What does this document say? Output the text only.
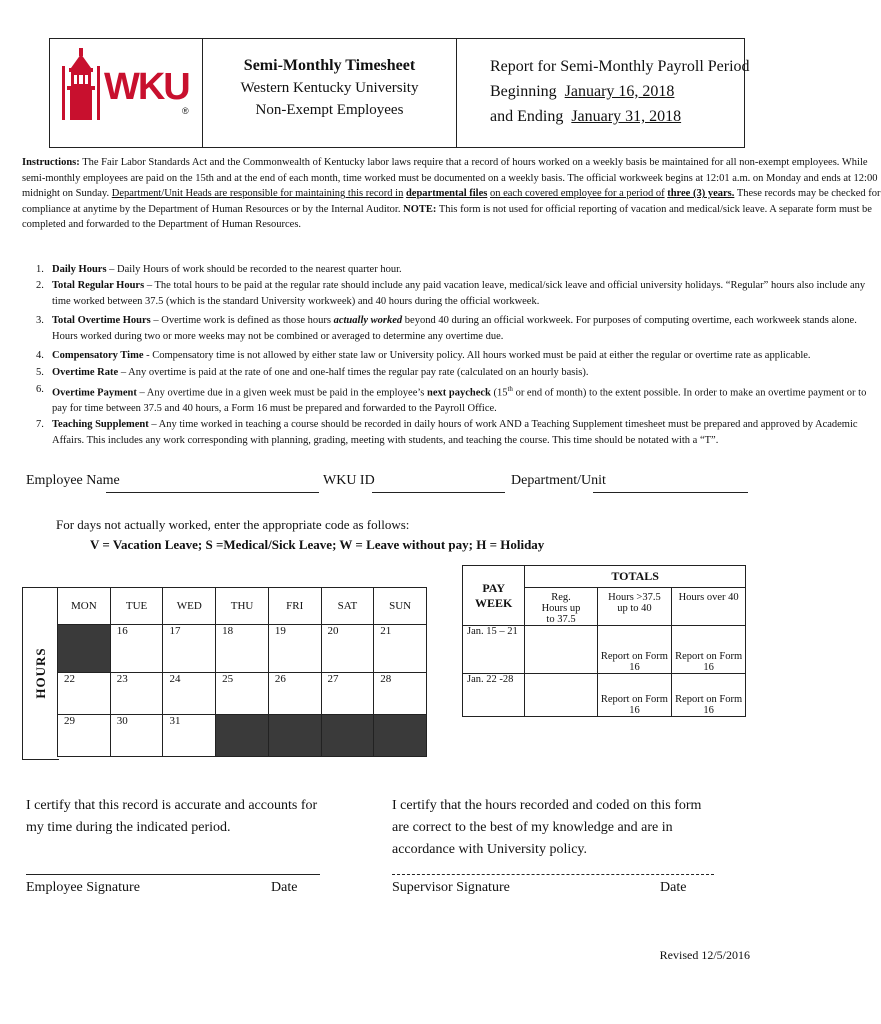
WKU
®
Semi-Monthly Timesheet
Western Kentucky University
Non-Exempt Employees
Report for Semi-Monthly Payroll Period
Beginning January 16, 2018
and Ending January 31, 2018
Instructions: The Fair Labor Standards Act and the Commonwealth of Kentucky labor laws require that a record of hours worked on a weekly basis be maintained for all non-exempt employees. While
semi-monthly employees are paid on the 15th and at the end of each month, time worked must be documented on a weekly basis. The official workweek begins at 12:01 a.m. on Monday and ends at 12:00
midnight on Sunday. Department/Unit Heads are responsible for maintaining this record in departmental files on each covered employee for a period of three (3) years. These records may be checked for
compliance at anytime by the Department of Human Resources or by the Internal Auditor. NOTE: This form is not used for official reporting of vacation and medical/sick leave. A separate form must be
completed and forwarded to the Department of Human Resources.
1. Daily Hours – Daily Hours of work should be recorded to the nearest quarter hour.
2. Total Regular Hours – The total hours to be paid at the regular rate should include any paid vacation leave, medical/sick leave and official university holidays. “Regular” hours also include any
time worked between 37.5 (which is the standard University workweek) and 40 hours during the official workweek.
3. Total Overtime Hours – Overtime work is defined as those hours actually worked beyond 40 during an official workweek. For purposes of computing overtime, each workweek stands alone.
Hours worked during two or more weeks may not be combined or averaged to determine any overtime due.
4. Compensatory Time - Compensatory time is not allowed by either state law or University policy. All hours worked must be paid at either the regular or overtime rate as applicable.
5. Overtime Rate – Any overtime is paid at the rate of one and one-half times the regular pay rate (calculated on an hourly basis).
6. Overtime Payment – Any overtime due in a given week must be paid in the employee’s next paycheck (15th or end of month) to the extent possible. In order to make an overtime payment or to
pay for time between 37.5 and 40 hours, a Form 16 must be prepared and forwarded to the Payroll Office.
7. Teaching Supplement – Any time worked in teaching a course should be recorded in daily hours of work AND a Teaching Supplement timesheet must be prepared and approved by Academic
Affairs. This includes any work corresponding with planning, grading, meeting with students, and teaching the course. This time should be notated with a “T”.
Employee Name	WKU ID	Department/Unit
For days not actually worked, enter the appropriate code as follows:
V = Vacation Leave; S =Medical/Sick Leave; W = Leave without pay; H = Holiday
HOURS
MON	TUE	WED	THU	FRI	SAT	SUN
	16	17	18	19	20	21
22	23	24	25	26	27	28
29	30	31				
PAY WEEK	TOTALS		

	Reg. Hours up to 37.5	Hours >37.5 up to 40	Hours over 40

Jan. 15 – 21		Report on Form 16	Report on Form 16
Jan. 22 -28		Report on Form 16	Report on Form 16
I certify that this record is accurate and accounts for my time during the indicated period.
I certify that the hours recorded and coded on this form are correct to the best of my knowledge and are in accordance with University policy.
Employee Signature	Date	Supervisor Signature	Date
Revised 12/5/2016
